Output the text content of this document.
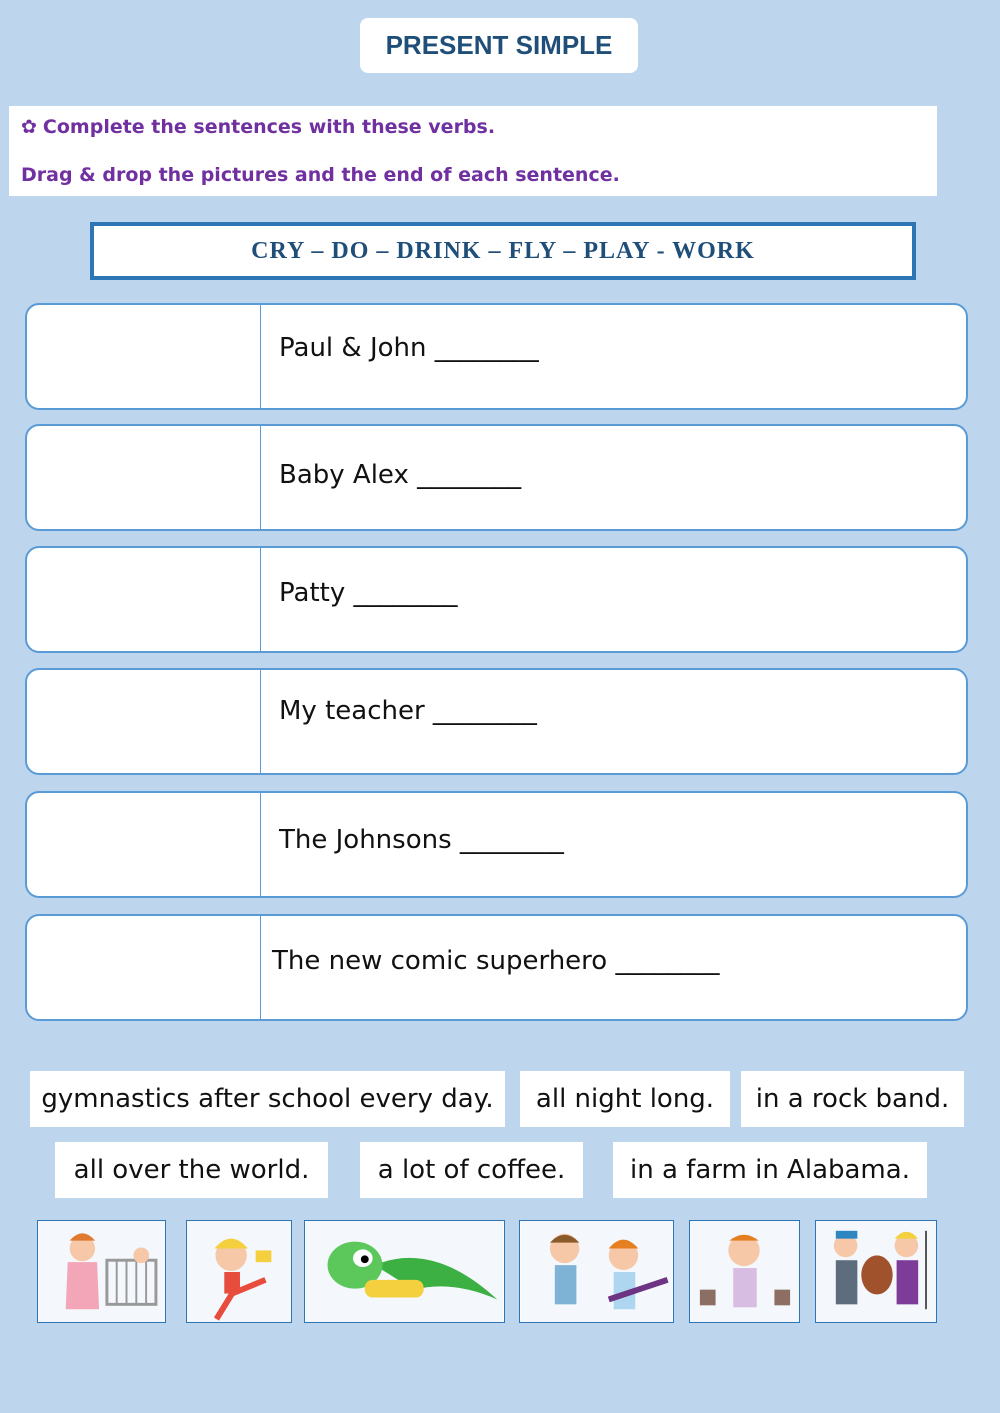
PRESENT SIMPLE
✿ Complete the sentences with these verbs.
Drag & drop the pictures and the end of each sentence.
CRY – DO – DRINK – FLY – PLAY - WORK
Paul & John ________
Baby Alex ________
Patty ________
My teacher ________
The Johnsons ________
The new comic superhero ________
gymnastics after school every day.	all night long.	in a rock band.
all over the world.	a lot of coffee.	in a farm in Alabama.
